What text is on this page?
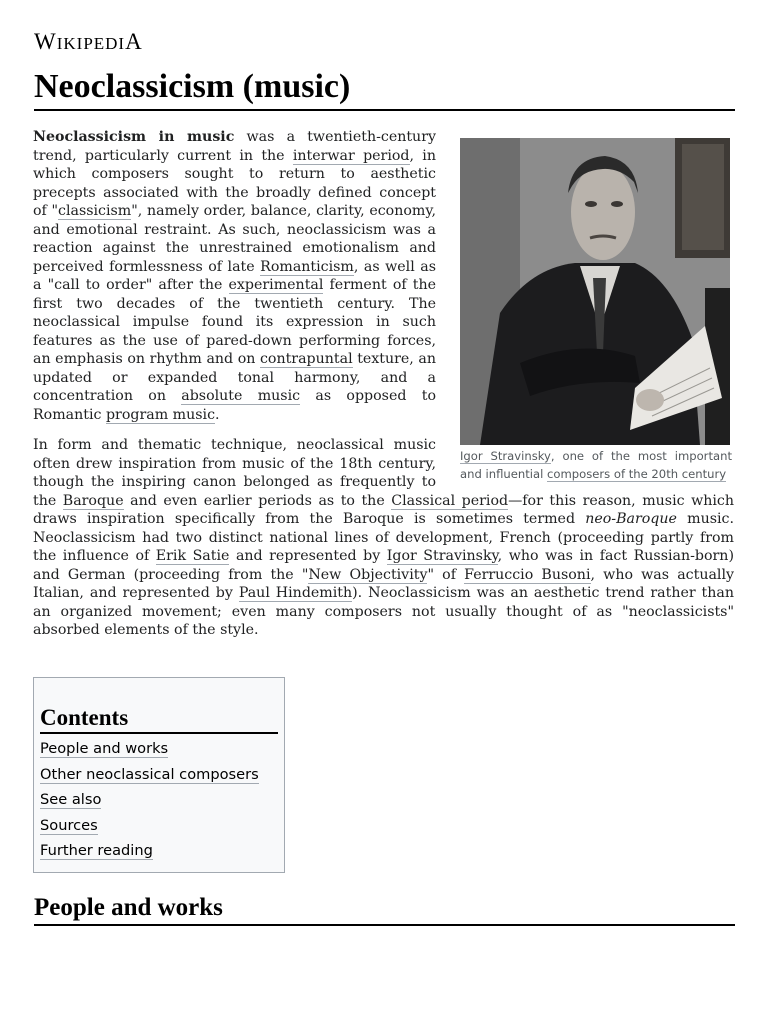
WIKIPEDIA
Neoclassicism (music)
Igor Stravinsky, one of the most important and influential composers of the 20th century

Neoclassicism in music was a twentieth-century trend, particularly current in the interwar period, in which composers sought to return to aesthetic precepts associated with the broadly defined concept of "classicism", namely order, balance, clarity, economy, and emotional restraint. As such, neoclassicism was a reaction against the unrestrained emotionalism and perceived formlessness of late Romanticism, as well as a "call to order" after the experimental ferment of the first two decades of the twentieth century. The neoclassical impulse found its expression in such features as the use of pared-down performing forces, an emphasis on rhythm and on contrapuntal texture, an updated or expanded tonal harmony, and a concentration on absolute music as opposed to Romantic program music.

In form and thematic technique, neoclassical music often drew inspiration from music of the 18th century, though the inspiring canon belonged as frequently to the Baroque and even earlier periods as to the Classical period—for this reason, music which draws inspiration specifically from the Baroque is sometimes termed neo-Baroque music. Neoclassicism had two distinct national lines of development, French (proceeding partly from the influence of Erik Satie and represented by Igor Stravinsky, who was in fact Russian-born) and German (proceeding from the "New Objectivity" of Ferruccio Busoni, who was actually Italian, and represented by Paul Hindemith). Neoclassicism was an aesthetic trend rather than an organized movement; even many composers not usually thought of as "neoclassicists" absorbed elements of the style.

Contents
People and works
Other neoclassical composers
See also
Sources
Further reading
People and works
